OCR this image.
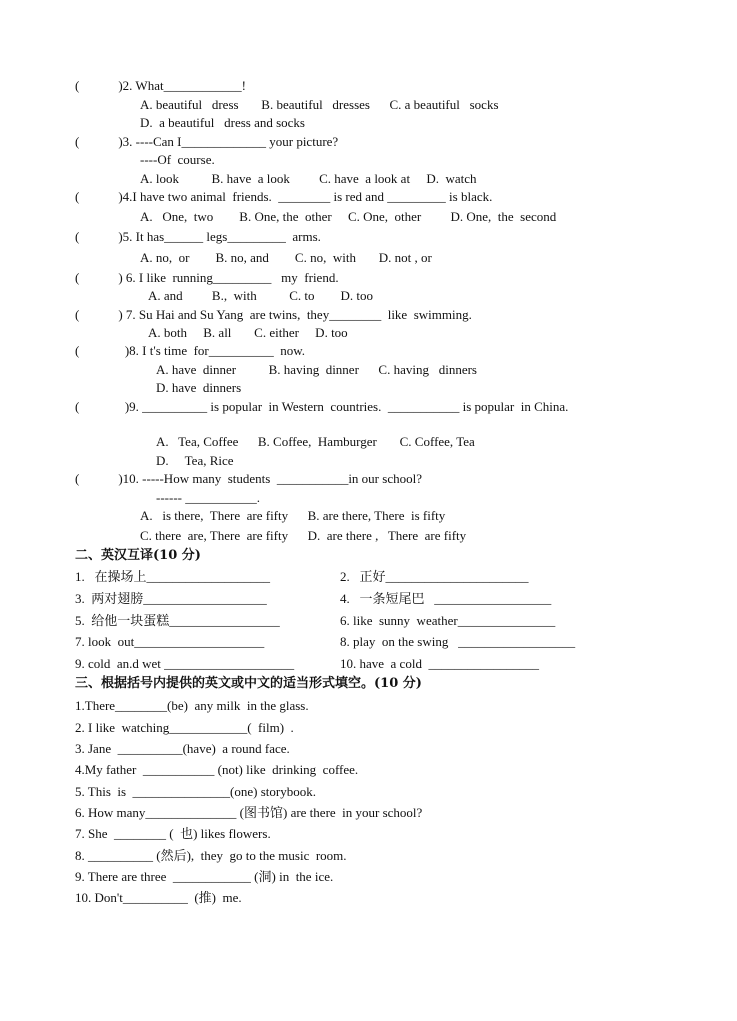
(            )2. What____________!
A. beautiful   dress       B. beautiful   dresses      C. a beautiful   socks
D.  a beautiful   dress and socks
(            )3. ----Can I_____________ your picture?
----Of  course.
A. look          B. have  a look         C. have  a look at     D.  watch
(            )4.I have two animal  friends.  ________ is red and _________ is black.
A.   One,  two        B. One, the  other     C. One,  other         D. One,  the  second
(            )5. It has______ legs_________  arms.
A. no,  or        B. no, and        C. no,  with       D. not , or
(            ) 6. I like  running_________   my  friend.
A. and         B.,  with          C. to        D. too
(            ) 7. Su Hai and Su Yang  are twins,  they________  like  swimming.
A. both     B. all       C. either     D. too
(              )8. I t's time  for__________  now.
A. have  dinner          B. having  dinner      C. having   dinners
D. have  dinners
(              )9. __________ is popular  in Western  countries.  ___________ is popular  in China.
A.   Tea, Coffee      B. Coffee,  Hamburger       C. Coffee, Tea
D.     Tea, Rice
(            )10. -----How many  students  ___________in our school?
------ ___________.
A.   is there,  There  are fifty      B. are there, There  is fifty
C. there  are, There  are fifty      D.  are there ,   There  are fifty
二、英汉互译(10 分)
1.   在操场上___________________	2.   正好______________________
3.  两对翅膀___________________	4.   一条短尾巴   __________________
5.  给他一块蛋糕_________________	6. like  sunny  weather_______________
7. look  out____________________	8. play  on the swing   __________________
9. cold  an.d wet ____________________	10. have  a cold  _________________
三、根据括号内提供的英文或中文的适当形式填空。(10 分)
1.There________(be)  any milk  in the glass.
2. I like  watching____________(  film)  .
3. Jane  __________(have)  a round face.
4.My father  ___________ (not) like  drinking  coffee.
5. This  is  _______________(one) storybook.
6. How many______________ (图书馆) are there  in your school?
7. She  ________ (  也) likes flowers.
8. __________ (然后),  they  go to the music  room.
9. There are three  ____________ (洞) in  the ice.
10. Don't__________  (推)  me.
